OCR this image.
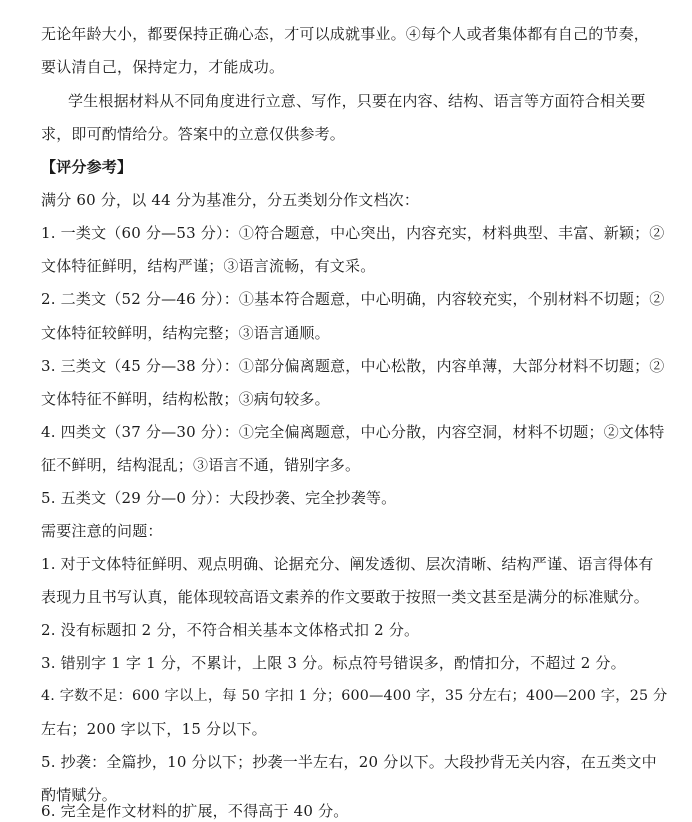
无论年龄大小，都要保持正确心态，才可以成就事业。④每个人或者集体都有自己的节奏，
要认清自己，保持定力，才能成功。
学生根据材料从不同角度进行立意、写作，只要在内容、结构、语言等方面符合相关要
求，即可酌情给分。答案中的立意仅供参考。
【评分参考】
满分 60 分，以 44 分为基准分，分五类划分作文档次：
1. 一类文（60 分—53 分）：①符合题意，中心突出，内容充实，材料典型、丰富、新颖；②
文体特征鲜明，结构严谨；③语言流畅，有文采。
2. 二类文（52 分—46 分）：①基本符合题意，中心明确，内容较充实，个别材料不切题；②
文体特征较鲜明，结构完整；③语言通顺。
3. 三类文（45 分—38 分）：①部分偏离题意，中心松散，内容单薄，大部分材料不切题；②
文体特征不鲜明，结构松散；③病句较多。
4. 四类文（37 分—30 分）：①完全偏离题意，中心分散，内容空洞，材料不切题；②文体特
征不鲜明，结构混乱；③语言不通，错别字多。
5. 五类文（29 分—0 分）：大段抄袭、完全抄袭等。
需要注意的问题：
1. 对于文体特征鲜明、观点明确、论据充分、阐发透彻、层次清晰、结构严谨、语言得体有
表现力且书写认真，能体现较高语文素养的作文要敢于按照一类文甚至是满分的标准赋分。
2. 没有标题扣 2 分，不符合相关基本文体格式扣 2 分。
3. 错别字 1 字 1 分，不累计，上限 3 分。标点符号错误多，酌情扣分，不超过 2 分。
4. 字数不足：600 字以上，每 50 字扣 1 分；600—400 字，35 分左右；400—200 字，25 分
左右；200 字以下，15 分以下。
5. 抄袭：全篇抄，10 分以下；抄袭一半左右，20 分以下。大段抄背无关内容，在五类文中
酌情赋分。
6. 完全是作文材料的扩展，不得高于 40 分。
